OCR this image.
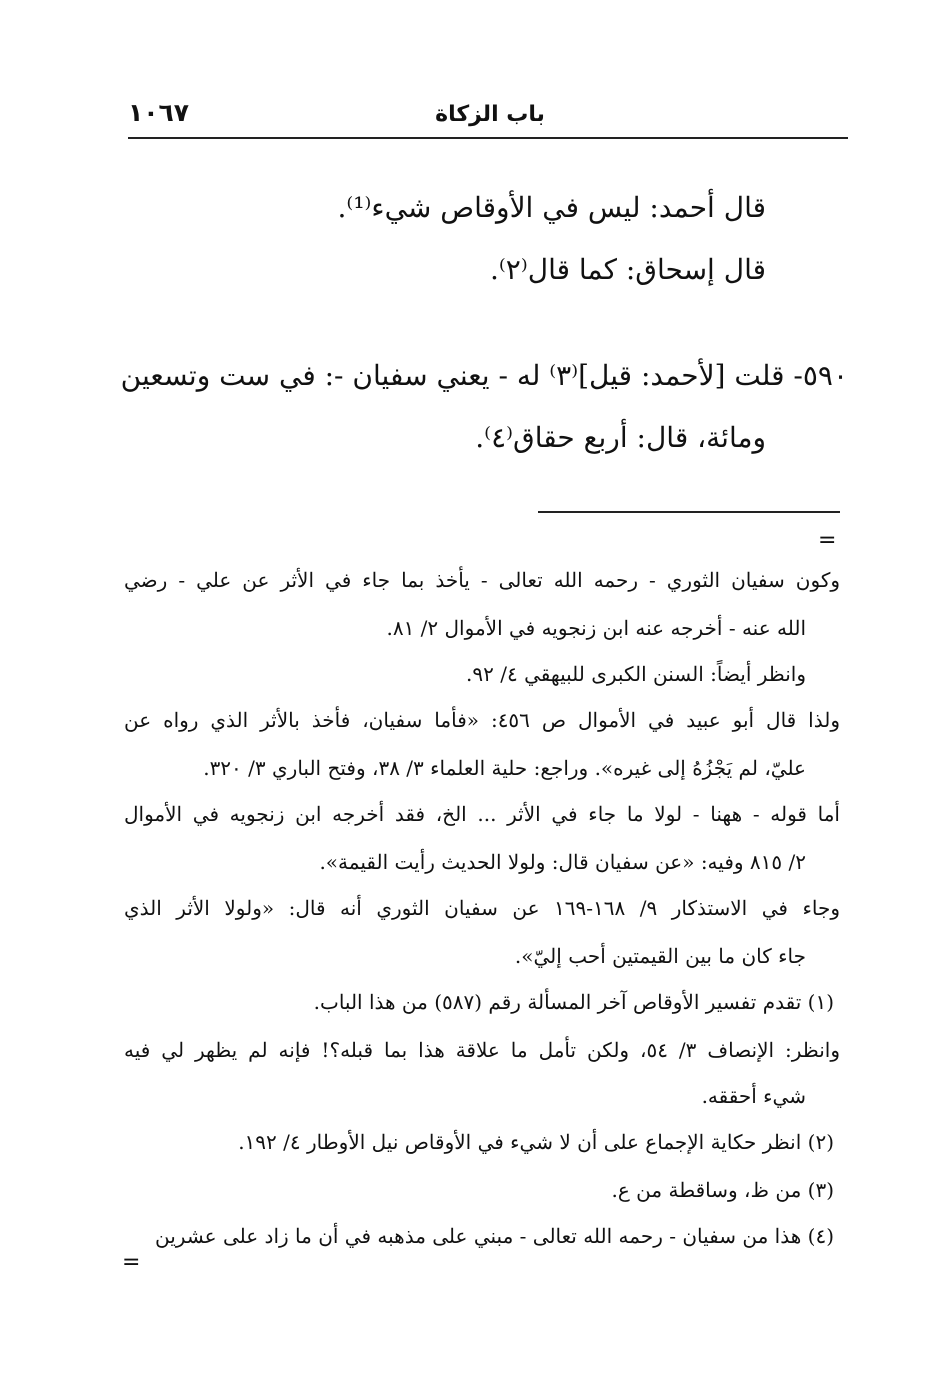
باب الزكاة
١٠٦٧
قال أحمد: ليس في الأوقاص شيء⁽¹⁾.
قال إسحاق: كما قال⁽٢⁾.
٥٩٠- قلت [لأحمد: قيل]⁽٣⁾ له - يعني سفيان -: في ست وتسعين
ومائة، قال: أربع حقاق⁽٤⁾.
=
وكون سفيان الثوري - رحمه الله تعالى - يأخذ بما جاء في الأثر عن علي - رضي
الله عنه - أخرجه عنه ابن زنجويه في الأموال ٢/ ٨١.
وانظر أيضاً: السنن الكبرى للبيهقي ٤/ ٩٢.
ولذا قال أبو عبيد في الأموال ص ٤٥٦: «فأما سفيان، فأخذ بالأثر الذي رواه عن
عليّ، لم يَجْزُهُ إلى غيره». وراجع: حلية العلماء ٣/ ٣٨، وفتح الباري ٣/ ٣٢٠.
أما قوله - ههنا - لولا ما جاء في الأثر ... الخ، فقد أخرجه ابن زنجويه في الأموال
٢/ ٨١٥ وفيه: «عن سفيان قال: ولولا الحديث رأيت القيمة».
وجاء في الاستذكار ٩/ ١٦٨-١٦٩ عن سفيان الثوري أنه قال: «ولولا الأثر الذي
جاء كان ما بين القيمتين أحب إليّ».
(١) تقدم تفسير الأوقاص آخر المسألة رقم (٥٨٧) من هذا الباب.
وانظر: الإنصاف ٣/ ٥٤، ولكن تأمل ما علاقة هذا بما قبله؟! فإنه لم يظهر لي فيه
شيء أحققه.
(٢) انظر حكاية الإجماع على أن لا شيء في الأوقاص نيل الأوطار ٤/ ١٩٢.
(٣) من ظ، وساقطة من ع.
(٤) هذا من سفيان - رحمه الله تعالى - مبني على مذهبه في أن ما زاد على عشرين
=
